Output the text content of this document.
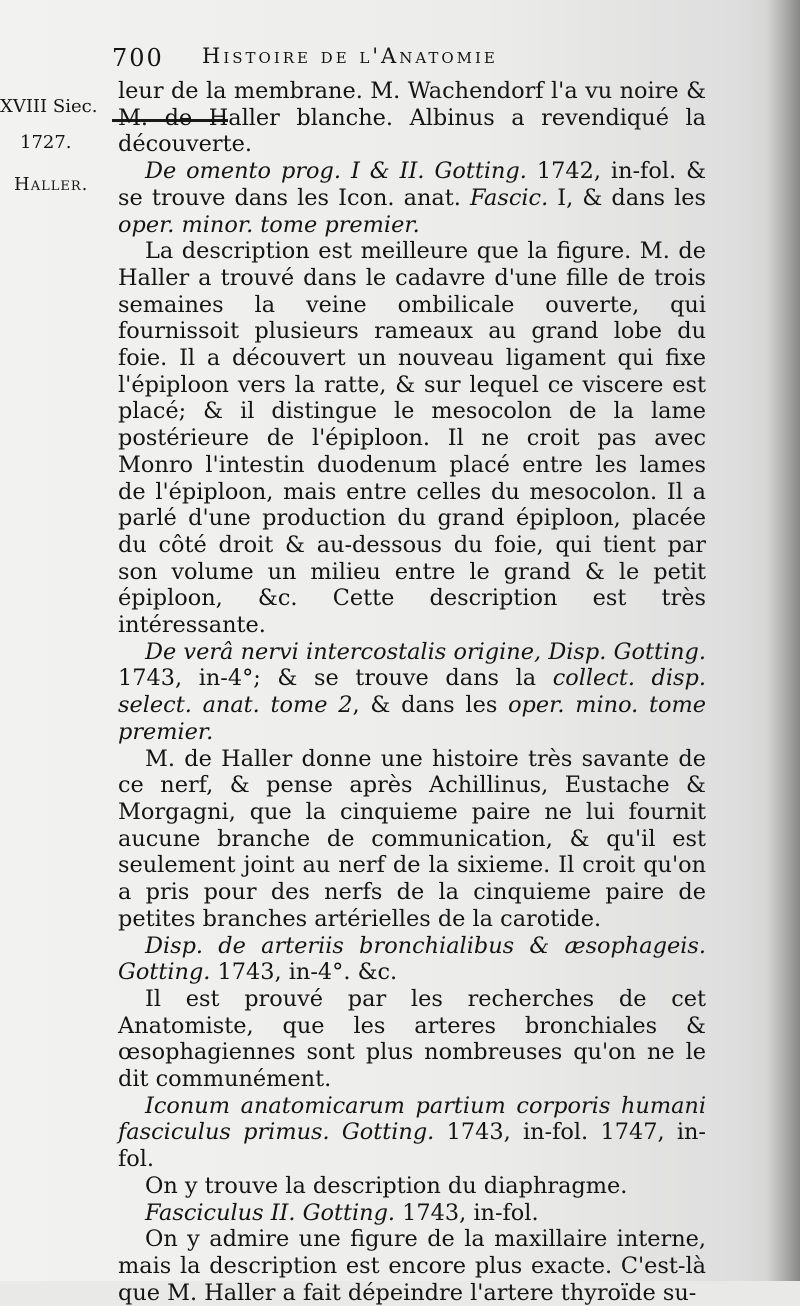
700 Histoire de l'Anatomie
XVIII Siec.
1727.
Haller.

leur de la membrane. M. Wachendorf l'a vu noire & M. de Haller blanche. Albinus a revendiqué la découverte.

De omento prog. I & II. Gotting. 1742, in-fol. & se trouve dans les Icon. anat. Fascic. I, & dans les oper. minor. tome premier.

La description est meilleure que la figure. M. de Haller a trouvé dans le cadavre d'une fille de trois semaines la veine ombilicale ouverte, qui fournissoit plusieurs rameaux au grand lobe du foie. Il a découvert un nouveau ligament qui fixe l'épiploon vers la ratte, & sur lequel ce viscere est placé; & il distingue le mesocolon de la lame postérieure de l'épiploon. Il ne croit pas avec Monro l'intestin duodenum placé entre les lames de l'épiploon, mais entre celles du mesocolon. Il a parlé d'une production du grand épiploon, placée du côté droit & au-dessous du foie, qui tient par son volume un milieu entre le grand & le petit épiploon, &c. Cette description est très intéressante.

De verâ nervi intercostalis origine, Disp. Gotting. 1743, in-4°; & se trouve dans la collect. disp. select. anat. tome 2, & dans les oper. mino. tome premier.

M. de Haller donne une histoire très savante de ce nerf, & pense après Achillinus, Eustache & Morgagni, que la cinquieme paire ne lui fournit aucune branche de communication, & qu'il est seulement joint au nerf de la sixieme. Il croit qu'on a pris pour des nerfs de la cinquieme paire de petites branches artérielles de la carotide.

Disp. de arteriis bronchialibus & æsophageis. Gotting. 1743, in-4°. &c.

Il est prouvé par les recherches de cet Anatomiste, que les arteres bronchiales & œsophagiennes sont plus nombreuses qu'on ne le dit communément.

Iconum anatomicarum partium corporis humani fasciculus primus. Gotting. 1743, in-fol. 1747, in-fol.

On y trouve la description du diaphragme.

Fasciculus II. Gotting. 1743, in-fol.

On y admire une figure de la maxillaire interne, mais la description est encore plus exacte. C'est-là que M. Haller a fait dépeindre l'artere thyroïde su-
